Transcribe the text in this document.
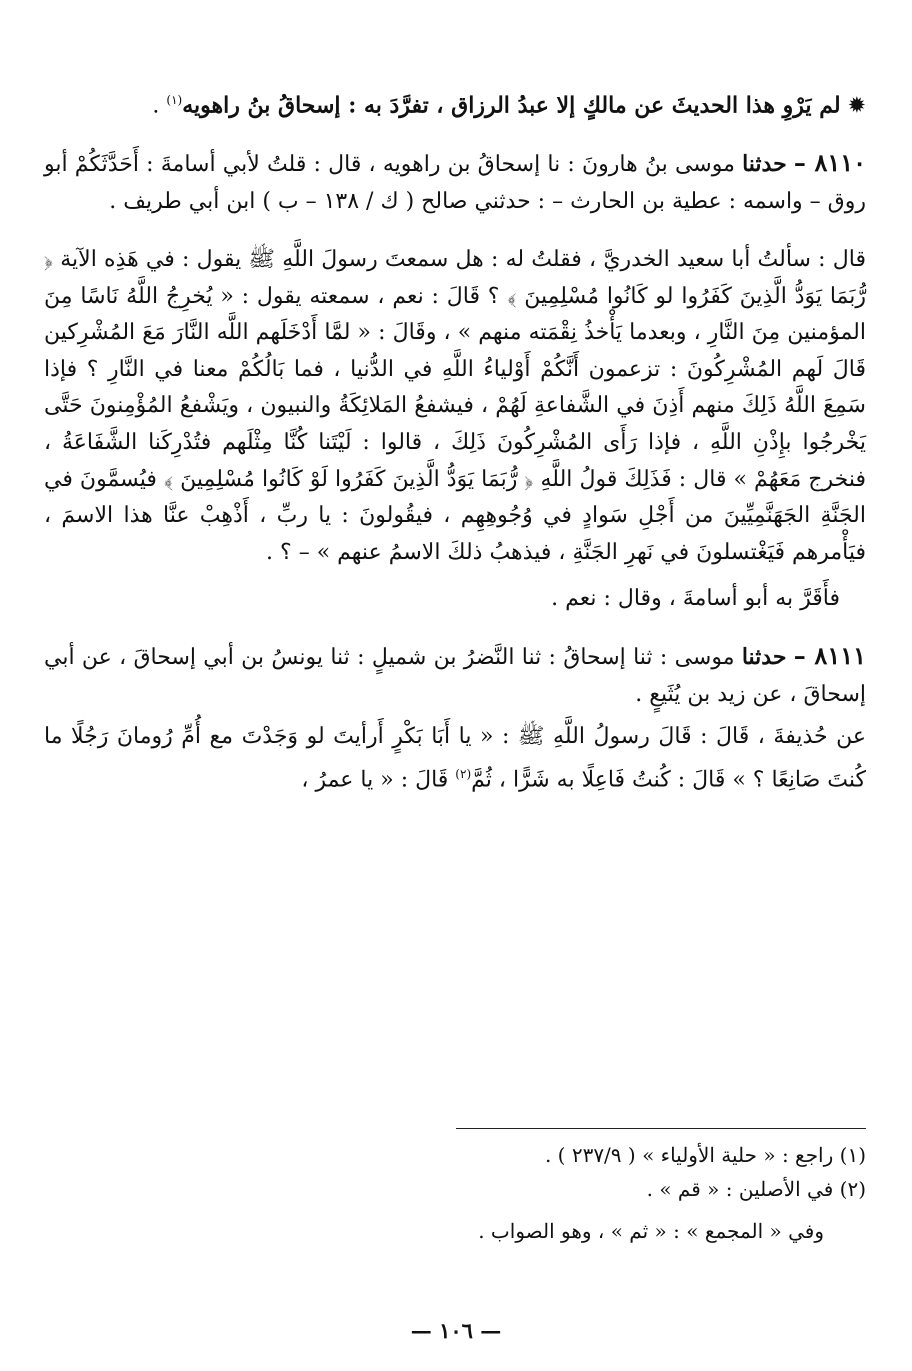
✹ لم يَرْوِ هذا الحديثَ عن مالكٍ إلا عبدُ الرزاق ، تفرَّدَ به : إسحاقُ بنُ راهويه$^{(١)}$ .

٨١١٠ – حدثنا موسى بنُ هارونَ : نا إسحاقُ بن راهويه ، قال : قلتُ لأبي أسامةَ : أَحَدَّثَكُمْ أبو روق – واسمه : عطية بن الحارث – : حدثني صالح ( ك / ١٣٨ – ب ) ابن أبي طريف .

قال : سألتُ أبا سعيد الخدريَّ ، فقلتُ له : هل سمعتَ رسولَ اللَّهِ ﷺ يقول : في هَذِه الآية ﴿ رُّبَمَا يَوَدُّ الَّذِينَ كَفَرُوا لو كَانُوا مُسْلِمِينَ ﴾ ؟ قَالَ : نعم ، سمعته يقول : « يُخرِجُ اللَّهُ نَاسًا مِنَ المؤمنين مِنَ النَّارِ ، وبعدما يَأْخذُ نِقْمَته منهم » ، وقَالَ : « لمَّا أَدْخَلَهم اللَّه النَّارَ مَعَ المُشْرِكين قَالَ لَهم المُشْرِكُونَ : تزعمون أَنَّكُمْ أَوْلياءُ اللَّهِ في الدُّنيا ، فما بَالُكُمْ معنا في النَّارِ ؟ فإذا سَمِعَ اللَّهُ ذَلِكَ منهم أَذِنَ في الشَّفاعةِ لَهُمْ ، فيشفعُ المَلائِكَةُ والنبيون ، ويَشْفعُ المُؤْمِنونَ حَتَّى يَخْرجُوا بإِذْنِ اللَّهِ ، فإذا رَأَى المُشْرِكُونَ ذَلِكَ ، قالوا : لَيْتَنا كُنَّا مِثْلَهم فتُدْرِكَنا الشَّفَاعَةُ ، فنخرج مَعَهُمْ » قال : فَذَلِكَ قولُ اللَّهِ ﴿ رُّبَمَا يَوَدُّ الَّذِينَ كَفَرُوا لَوْ كَانُوا مُسْلِمِينَ ﴾ فيُسمَّونَ في الجَنَّةِ الجَهَنَّمِيِّينَ من أَجْلِ سَوادٍ في وُجُوهِهِم ، فيقُولونَ : يا ربِّ ، أَذْهِبْ عنَّا هذا الاسمَ ، فيَأْمرهم فَيَغْتسلونَ في نَهرِ الجَنَّةِ ، فيذهبُ ذلكَ الاسمُ عنهم » – ؟ .

فأَقَرَّ به أبو أسامةَ ، وقال : نعم .

٨١١١ – حدثنا موسى : ثنا إسحاقُ : ثنا النَّضرُ بن شميلٍ : ثنا يونسُ بن أبي إسحاقَ ، عن أبي إسحاقَ ، عن زيد بن يُثَيعٍ .

عن حُذيفةَ ، قَالَ : قَالَ رسولُ اللَّهِ ﷺ : « يا أَبَا بَكْرٍ أَرأيتَ لو وَجَدْتَ مع أُمِّ رُومانَ رَجُلًا ما كُنتَ صَانِعًا ؟ » قَالَ : كُنتُ فَاعِلًا به شَرًّا ، ثُمَّ$^{(٢)}$ قَالَ : « يا عمرُ ،

(١) راجع : « حلية الأولياء » ( ٢٣٧/٩ ) .

(٢) في الأصلين : « قم » .

وفي « المجمع » : « ثم » ، وهو الصواب .

— ١٠٦ —
